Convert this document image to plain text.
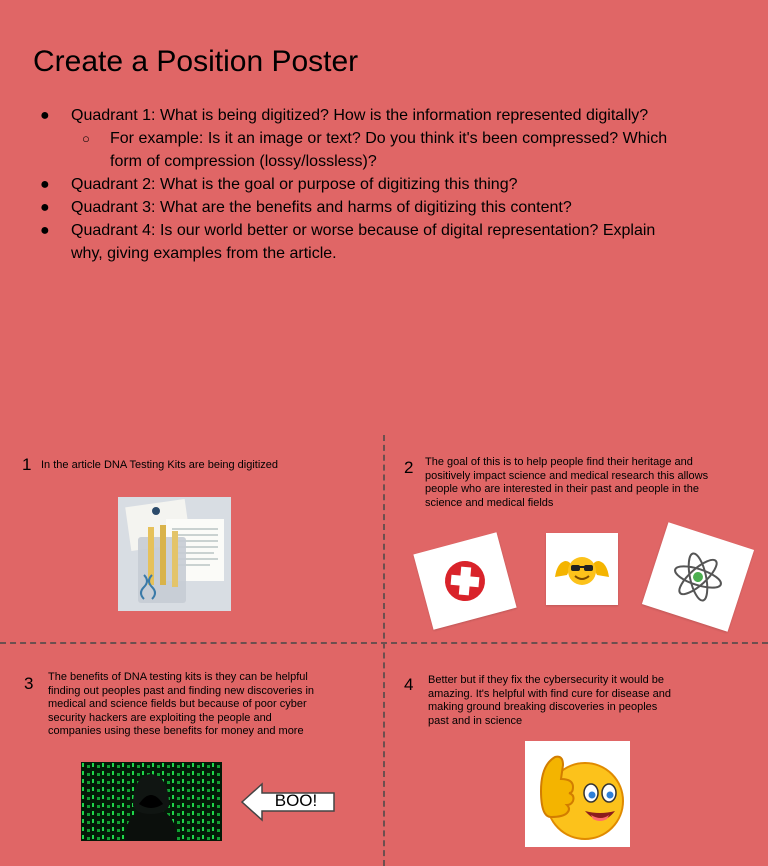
Create a Position Poster
● Quadrant 1: What is being digitized? How is the information represented digitally?
○ For example: Is it an image or text? Do you think it's been compressed? Which
form of compression (lossy/lossless)?
● Quadrant 2: What is the goal or purpose of digitizing this thing?
● Quadrant 3: What are the benefits and harms of digitizing this content?
● Quadrant 4: Is our world better or worse because of digital representation? Explain
why, giving examples from the article.
1 In the article DNA Testing Kits are being digitized	2 The goal of this is to help people find their heritage and
positively impact science and medical research this allows
people who are interested in their past and people in the
science and medical fields
3 The benefits of DNA testing kits is they can be helpful
finding out peoples past and finding new discoveries in
medical and science fields but because of poor cyber
security hackers are exploiting the people and
companies using these benefits for money and more
BOO!
4 Better but if they fix the cybersecurity it would be
amazing. It's helpful with find cure for disease and
making ground breaking discoveries in peoples
past and in science
